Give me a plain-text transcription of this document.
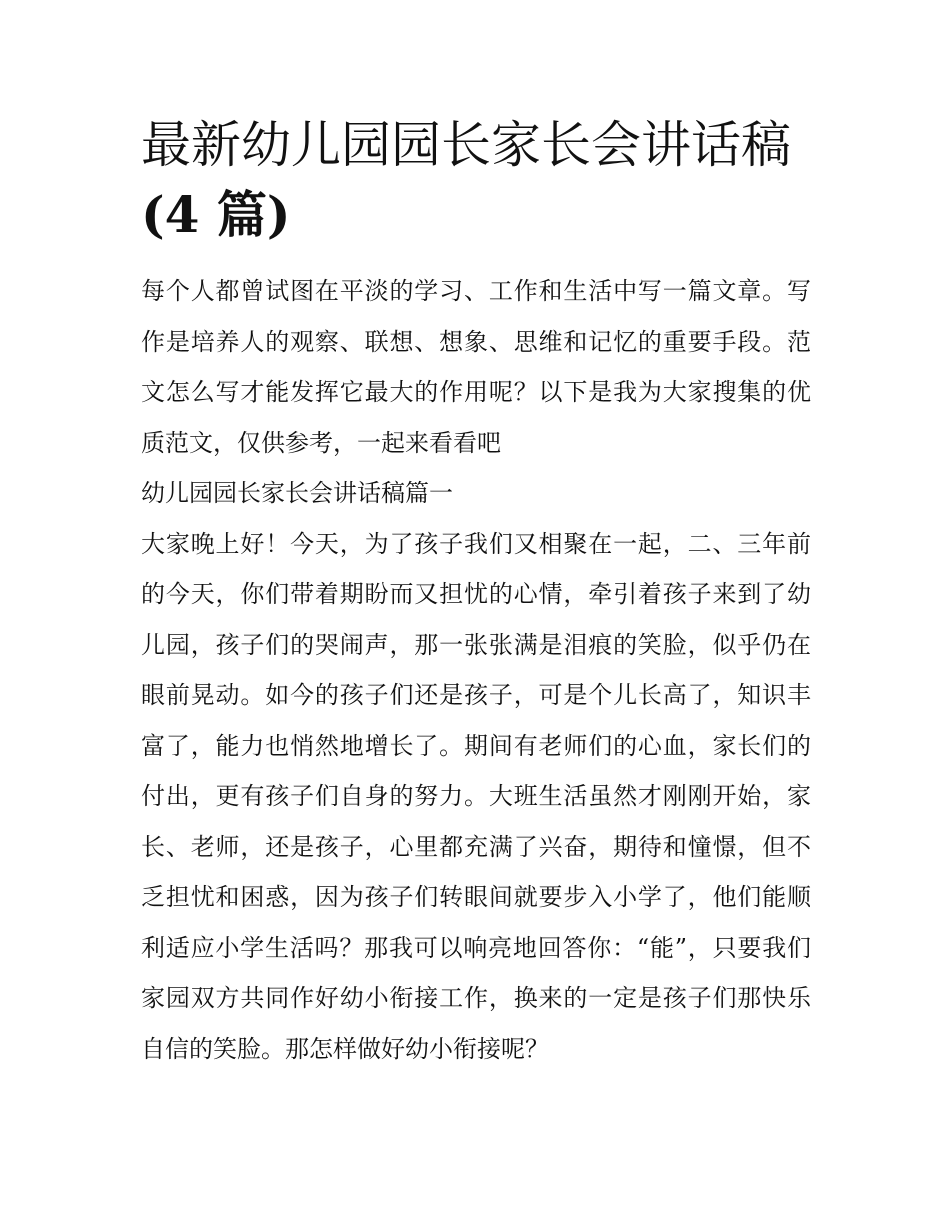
最新幼儿园园长家长会讲话稿
(4 篇)

每个人都曾试图在平淡的学习、工作和生活中写一篇文章。写作是培养人的观察、联想、想象、思维和记忆的重要手段。范文怎么写才能发挥它最大的作用呢？以下是我为大家搜集的优质范文，仅供参考，一起来看看吧

幼儿园园长家长会讲话稿篇一

大家晚上好！今天，为了孩子我们又相聚在一起，二、三年前的今天，你们带着期盼而又担忧的心情，牵引着孩子来到了幼儿园，孩子们的哭闹声，那一张张满是泪痕的笑脸，似乎仍在眼前晃动。如今的孩子们还是孩子，可是个儿长高了，知识丰富了，能力也悄然地增长了。期间有老师们的心血，家长们的付出，更有孩子们自身的努力。大班生活虽然才刚刚开始，家长、老师，还是孩子，心里都充满了兴奋，期待和憧憬，但不乏担忧和困惑，因为孩子们转眼间就要步入小学了，他们能顺利适应小学生活吗？那我可以响亮地回答你：“能”，只要我们家园双方共同作好幼小衔接工作，换来的一定是孩子们那快乐自信的笑脸。那怎样做好幼小衔接呢？
